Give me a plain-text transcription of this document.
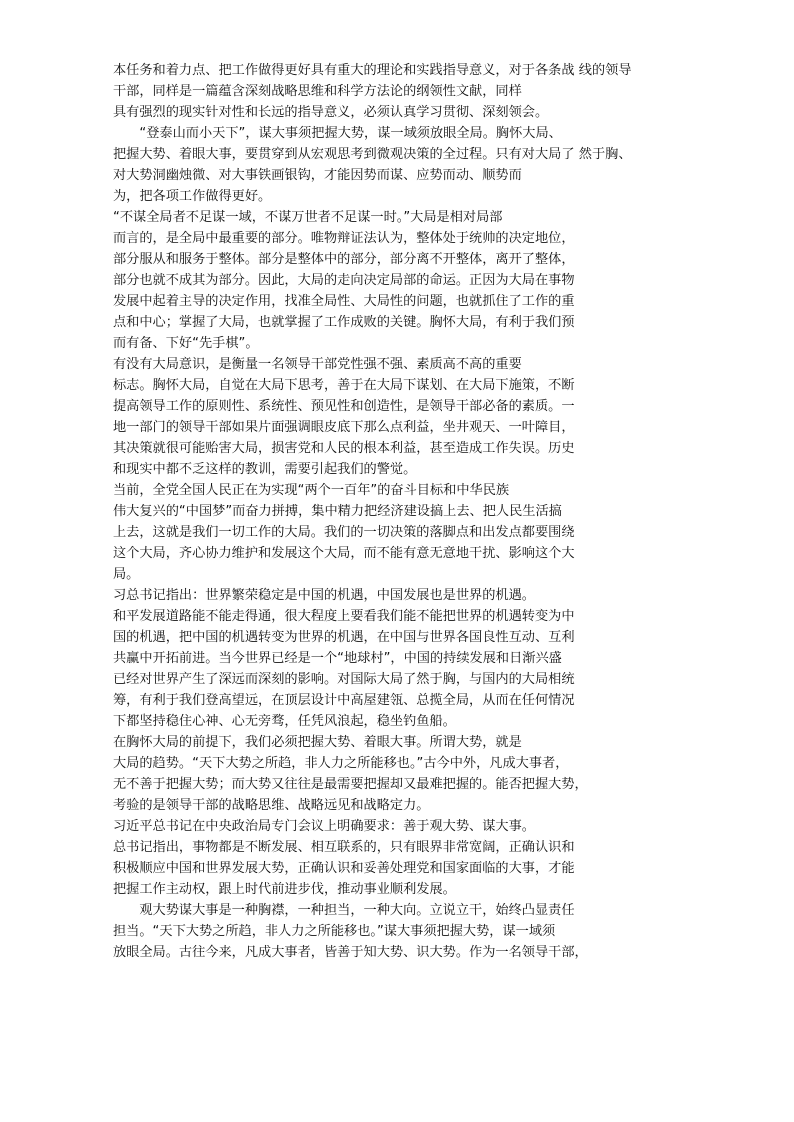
本任务和着力点、把工作做得更好具有重大的理论和实践指导意义，对于各条战 线的领导

干部，同样是一篇蕴含深刻战略思维和科学方法论的纲领性文献，同样

具有强烈的现实针对性和长远的指导意义，必须认真学习贯彻、深刻领会。

　　“登泰山而小天下”，谋大事须把握大势，谋一域须放眼全局。胸怀大局、

把握大势、着眼大事，要贯穿到从宏观思考到微观决策的全过程。只有对大局了 然于胸、

对大势洞幽烛微、对大事铁画银钩，才能因势而谋、应势而动、顺势而

为，把各项工作做得更好。

“不谋全局者不足谋一域，不谋万世者不足谋一时。”大局是相对局部

而言的，是全局中最重要的部分。唯物辩证法认为，整体处于统帅的决定地位，

部分服从和服务于整体。部分是整体中的部分，部分离不开整体，离开了整体，

部分也就不成其为部分。因此，大局的走向决定局部的命运。正因为大局在事物

发展中起着主导的决定作用，找准全局性、大局性的问题，也就抓住了工作的重

点和中心；掌握了大局，也就掌握了工作成败的关键。胸怀大局，有利于我们预

而有备、下好“先手棋”。

有没有大局意识，是衡量一名领导干部党性强不强、素质高不高的重要

标志。胸怀大局，自觉在大局下思考，善于在大局下谋划、在大局下施策，不断

提高领导工作的原则性、系统性、预见性和创造性，是领导干部必备的素质。一

地一部门的领导干部如果片面强调眼皮底下那么点利益，坐井观天、一叶障目，

其决策就很可能贻害大局，损害党和人民的根本利益，甚至造成工作失误。历史

和现实中都不乏这样的教训，需要引起我们的警觉。

当前，全党全国人民正在为实现“两个一百年”的奋斗目标和中华民族

伟大复兴的“中国梦”而奋力拼搏，集中精力把经济建设搞上去、把人民生活搞

上去，这就是我们一切工作的大局。我们的一切决策的落脚点和出发点都要围绕

这个大局，齐心协力维护和发展这个大局，而不能有意无意地干扰、影响这个大

局。

习总书记指出：世界繁荣稳定是中国的机遇，中国发展也是世界的机遇。

和平发展道路能不能走得通，很大程度上要看我们能不能把世界的机遇转变为中

国的机遇，把中国的机遇转变为世界的机遇，在中国与世界各国良性互动、互利

共赢中开拓前进。当今世界已经是一个“地球村”，中国的持续发展和日渐兴盛

已经对世界产生了深远而深刻的影响。对国际大局了然于胸，与国内的大局相统

筹，有利于我们登高望远，在顶层设计中高屋建瓴、总揽全局，从而在任何情况

下都坚持稳住心神、心无旁骛，任凭风浪起，稳坐钓鱼船。

在胸怀大局的前提下，我们必须把握大势、着眼大事。所谓大势，就是

大局的趋势。“天下大势之所趋，非人力之所能移也。”古今中外，凡成大事者，

无不善于把握大势；而大势又往往是最需要把握却又最难把握的。能否把握大势，

考验的是领导干部的战略思维、战略远见和战略定力。

习近平总书记在中央政治局专门会议上明确要求：善于观大势、谋大事。

总书记指出，事物都是不断发展、相互联系的，只有眼界非常宽阔，正确认识和

积极顺应中国和世界发展大势，正确认识和妥善处理党和国家面临的大事，才能

把握工作主动权，跟上时代前进步伐，推动事业顺利发展。

　　观大势谋大事是一种胸襟，一种担当，一种大向。立说立干，始终凸显责任

担当。“天下大势之所趋，非人力之所能移也。”谋大事须把握大势，谋一域须

放眼全局。古往今来，凡成大事者，皆善于知大势、识大势。作为一名领导干部，
